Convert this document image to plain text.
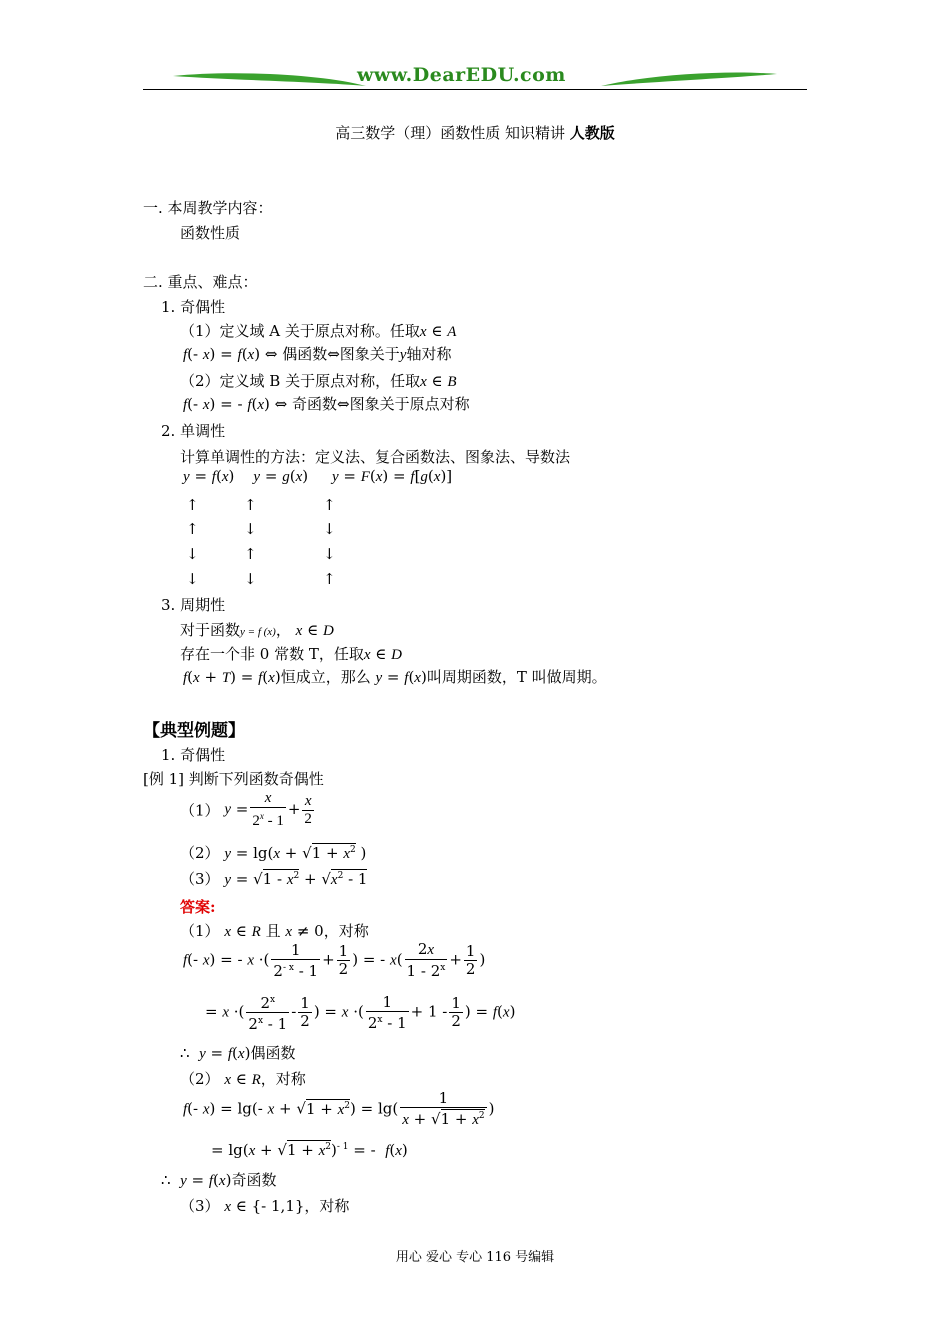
www.DearEDU.com
高三数学（理）函数性质 知识精讲 人教版
一. 本周教学内容：
函数性质
二. 重点、难点：
1. 奇偶性
（1）定义域 A 关于原点对称。任取x ∈ A
f(- x) = f(x) ⇔ 偶函数⇔图象关于y轴对称
（2）定义域 B 关于原点对称，任取x ∈ B
f(- x) = - f(x) ⇔ 奇函数⇔图象关于原点对称
2. 单调性
计算单调性的方法：定义法、复合函数法、图象法、导数法
y = f(x)    y = g(x)     y = F(x) = f[g(x)]
↑	↑	↑
↑	↓	↓
↓	↑	↓
↓	↓	↑
3. 周期性
对于函数y = f (x)， x ∈ D
存在一个非 0 常数 T，任取x ∈ D
f(x + T) = f(x)恒成立，那么 y = f(x)叫周期函数，T 叫做周期。
【典型例题】
1. 奇偶性
[例 1] 判断下列函数奇偶性
（1） $y = \frac{x}{2^x - 1} + \frac{x}{2}$
（2） $y = \lg(x + √1 + x^2$ )
（3） $y = √1 - x^2 + √x^2 - 1$
答案:
（1） x ∈ R 且 x ≠ 0，对称
f(- x) = - x ·( $\frac{1}{2^{- x} - 1} + \frac{1}{2}$ ) = - $x( \frac{2x}{1 - 2^x} + \frac{1}{2}$ )
= x ·( $\frac{2^x}{2^x - 1} - \frac{1}{2}$ ) = x ·( $\frac{1}{2^x - 1} + 1 - \frac{1}{2}$ ) = f(x)
∴  y = f(x)偶函数
（2） x ∈ R，对称
f(- x) = lg(- $x + √1 + x^2) = \lg( \frac{1}{x + √1 + x^2}$ )
= $\lg(x + √1 + x^2)^{- 1}$ = -  f(x)
∴  y = f(x)奇函数
（3） x ∈ {- 1,1}，对称
用心 爱心 专心 116 号编辑
